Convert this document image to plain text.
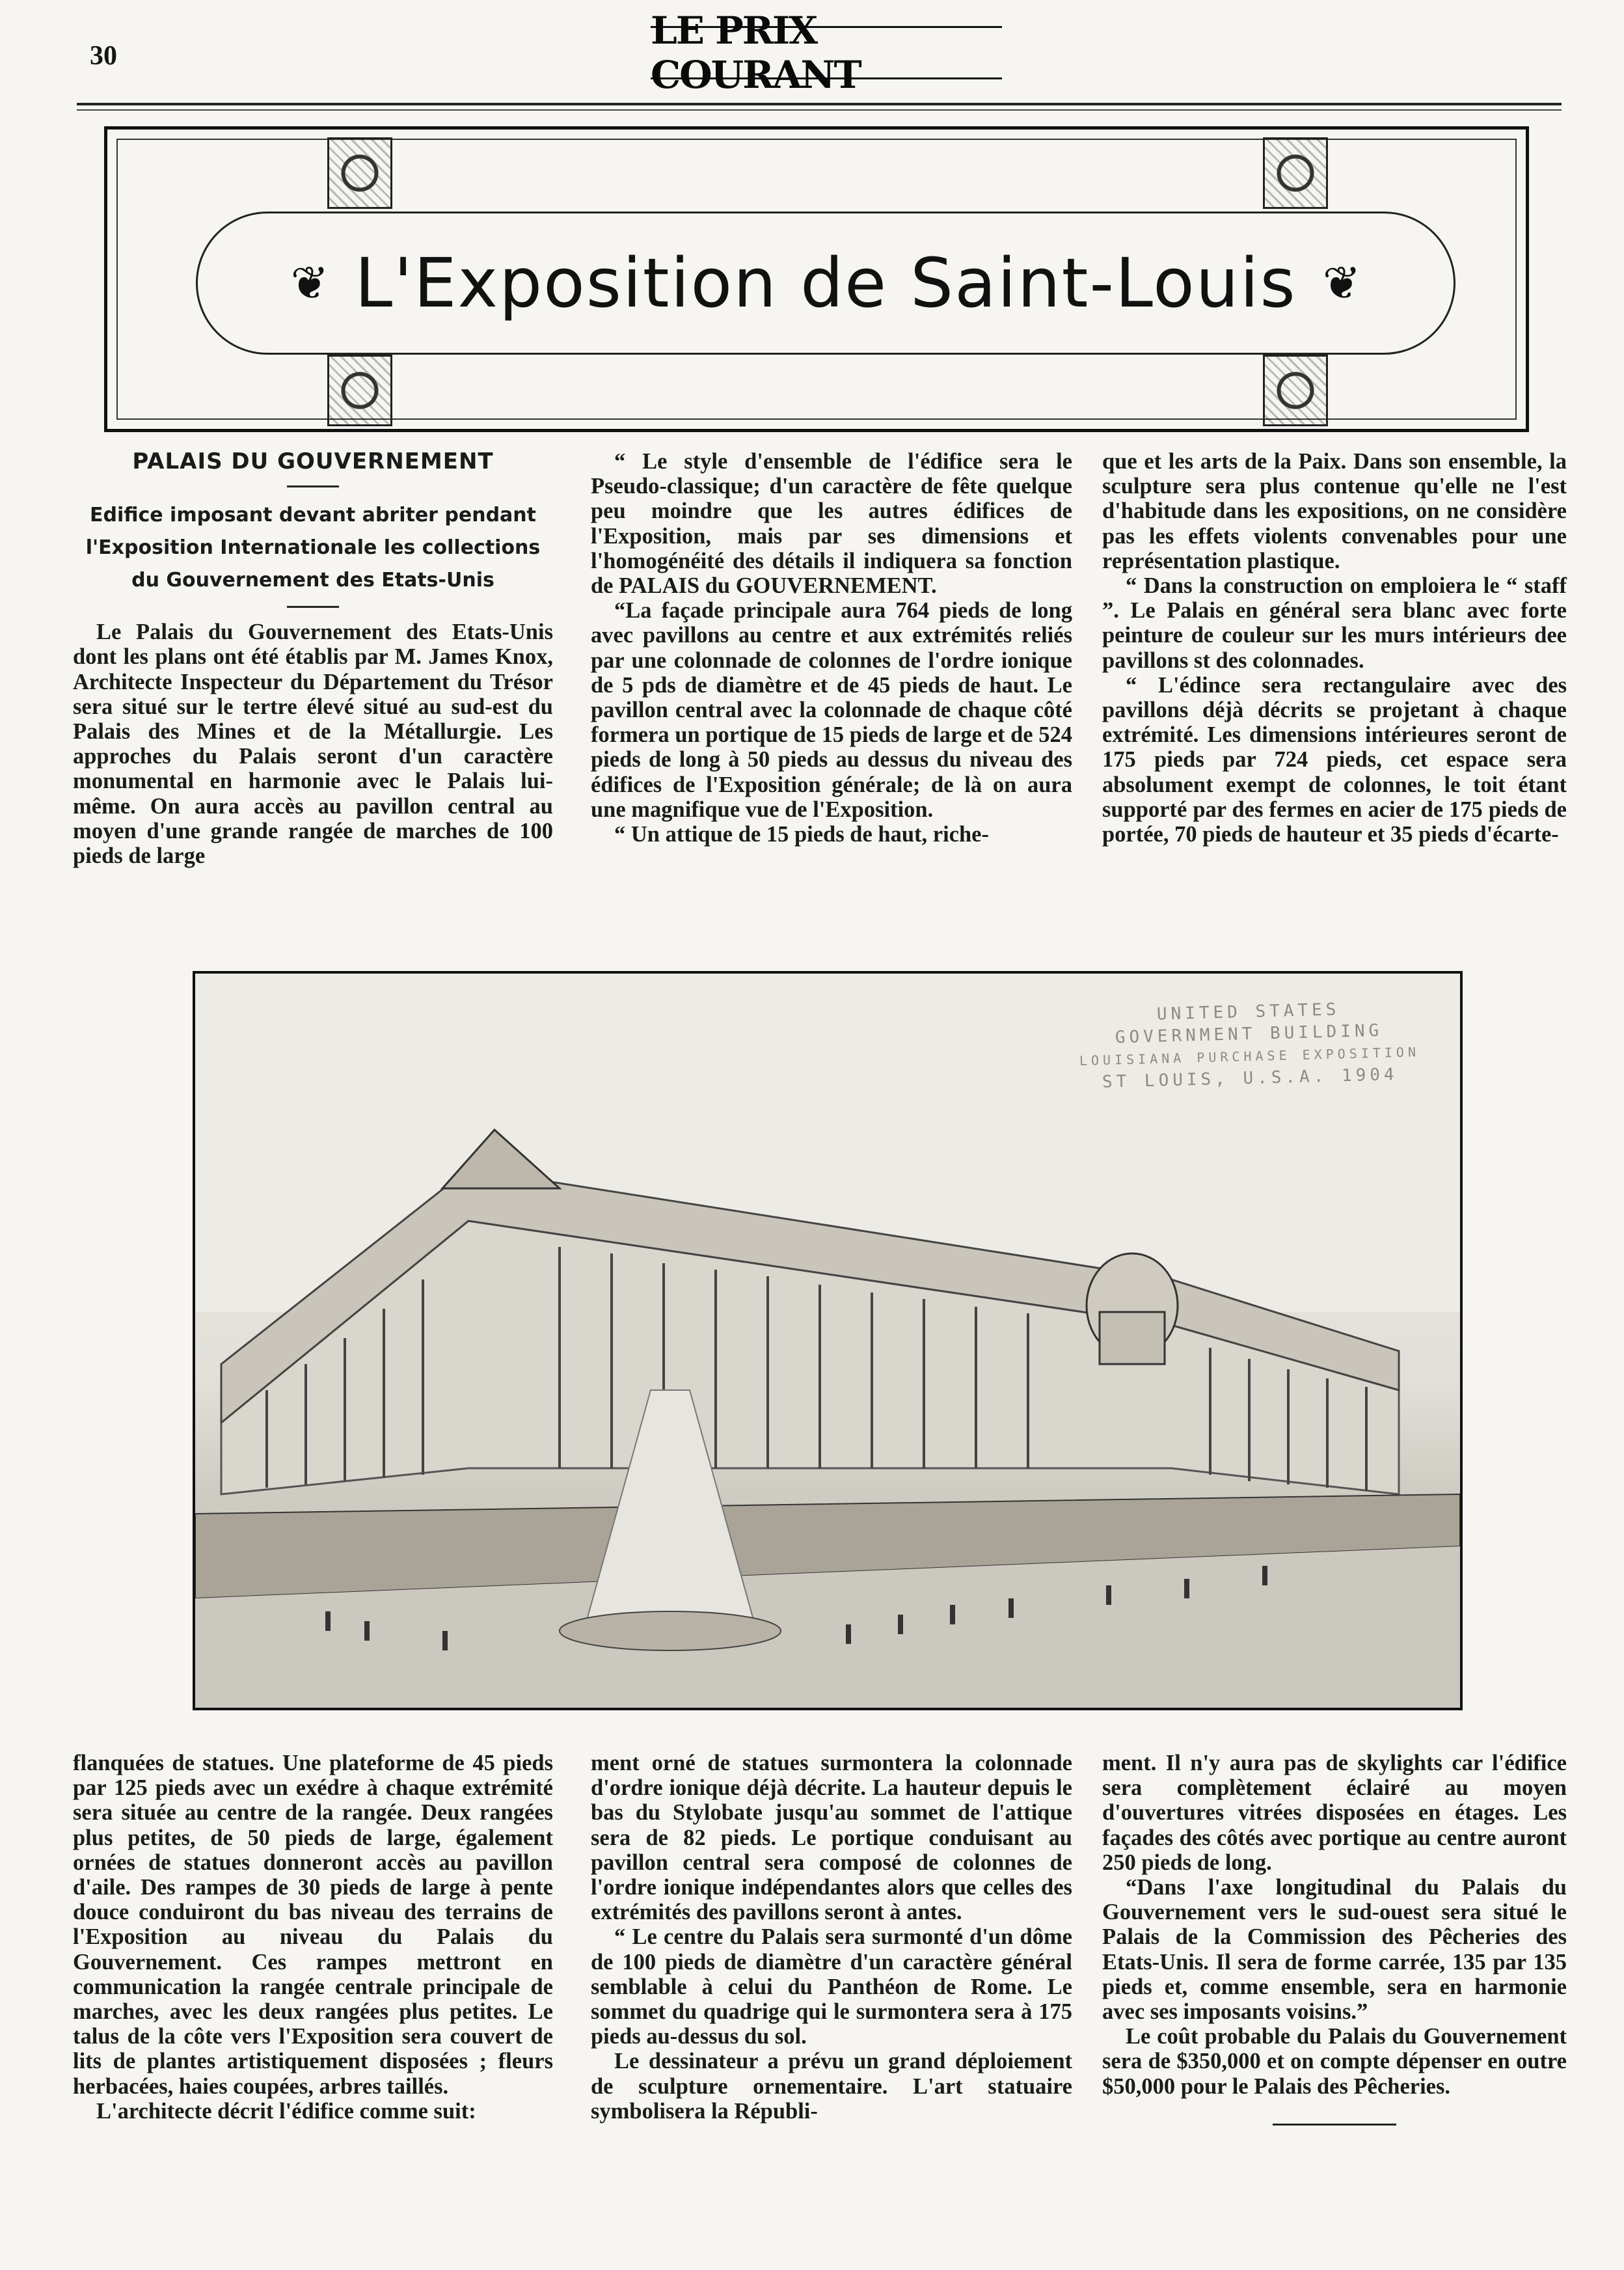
30
LE PRIX COURANT
❦ L'Exposition de Saint-Louis ❦
PALAIS DU GOUVERNEMENT
Edifice imposant devant abriter pendant l'Exposition Internationale les collections du Gouvernement des Etats-Unis

Le Palais du Gouvernement des Etats-Unis dont les plans ont été établis par M. James Knox, Architecte Inspecteur du Département du Trésor sera situé sur le tertre élevé situé au sud-est du Palais des Mines et de la Métallurgie. Les approches du Palais seront d'un caractère monumental en harmonie avec le Palais lui-même. On aura accès au pavillon central au moyen d'une grande rangée de marches de 100 pieds de large

“ Le style d'ensemble de l'édifice sera le Pseudo-classique; d'un caractère de fête quelque peu moindre que les autres édifices de l'Exposition, mais par ses dimensions et l'homogénéité des détails il indiquera sa fonction de PALAIS du GOUVERNEMENT.

“La façade principale aura 764 pieds de long avec pavillons au centre et aux extrémités reliés par une colonnade de colonnes de l'ordre ionique de 5 pds de diamètre et de 45 pieds de haut. Le pavillon central avec la colonnade de chaque côté formera un portique de 15 pieds de large et de 524 pieds de long à 50 pieds au dessus du niveau des édifices de l'Exposition générale; de là on aura une magnifique vue de l'Exposition.

“ Un attique de 15 pieds de haut, riche-

que et les arts de la Paix. Dans son ensemble, la sculpture sera plus contenue qu'elle ne l'est d'habitude dans les expositions, on ne considère pas les effets violents convenables pour une représentation plastique.

“ Dans la construction on emploiera le “ staff ”. Le Palais en général sera blanc avec forte peinture de couleur sur les murs intérieurs dee pavillons st des colonnades.

“ L'édince sera rectangulaire avec des pavillons déjà décrits se projetant à chaque extrémité. Les dimensions intérieures seront de 175 pieds par 724 pieds, cet espace sera absolument exempt de colonnes, le toit étant supporté par des fermes en acier de 175 pieds de portée, 70 pieds de hauteur et 35 pieds d'écarte-

UNITED STATES
GOVERNMENT BUILDING
LOUISIANA PURCHASE EXPOSITION
ST LOUIS, U.S.A. 1904

flanquées de statues. Une plateforme de 45 pieds par 125 pieds avec un exédre à chaque extrémité sera située au centre de la rangée. Deux rangées plus petites, de 50 pieds de large, également ornées de statues donneront accès au pavillon d'aile. Des rampes de 30 pieds de large à pente douce conduiront du bas niveau des terrains de l'Exposition au niveau du Palais du Gouvernement. Ces rampes mettront en communication la rangée centrale principale de marches, avec les deux rangées plus petites. Le talus de la côte vers l'Exposition sera couvert de lits de plantes artistiquement disposées ; fleurs herbacées, haies coupées, arbres taillés.

L'architecte décrit l'édifice comme suit:

ment orné de statues surmontera la colonnade d'ordre ionique déjà décrite. La hauteur depuis le bas du Stylobate jusqu'au sommet de l'attique sera de 82 pieds. Le portique conduisant au pavillon central sera composé de colonnes de l'ordre ionique indépendantes alors que celles des extrémités des pavillons seront à antes.

“ Le centre du Palais sera surmonté d'un dôme de 100 pieds de diamètre d'un caractère général semblable à celui du Panthéon de Rome. Le sommet du quadrige qui le surmontera sera à 175 pieds au-dessus du sol.

Le dessinateur a prévu un grand déploiement de sculpture ornementaire. L'art statuaire symbolisera la Républi-

ment. Il n'y aura pas de skylights car l'édifice sera complètement éclairé au moyen d'ouvertures vitrées disposées en étages. Les façades des côtés avec portique au centre auront 250 pieds de long.

“Dans l'axe longitudinal du Palais du Gouvernement vers le sud-ouest sera situé le Palais de la Commission des Pêcheries des Etats-Unis. Il sera de forme carrée, 135 par 135 pieds et, comme ensemble, sera en harmonie avec ses imposants voisins.”

Le coût probable du Palais du Gouvernement sera de $350,000 et on compte dépenser en outre $50,000 pour le Palais des Pêcheries.
